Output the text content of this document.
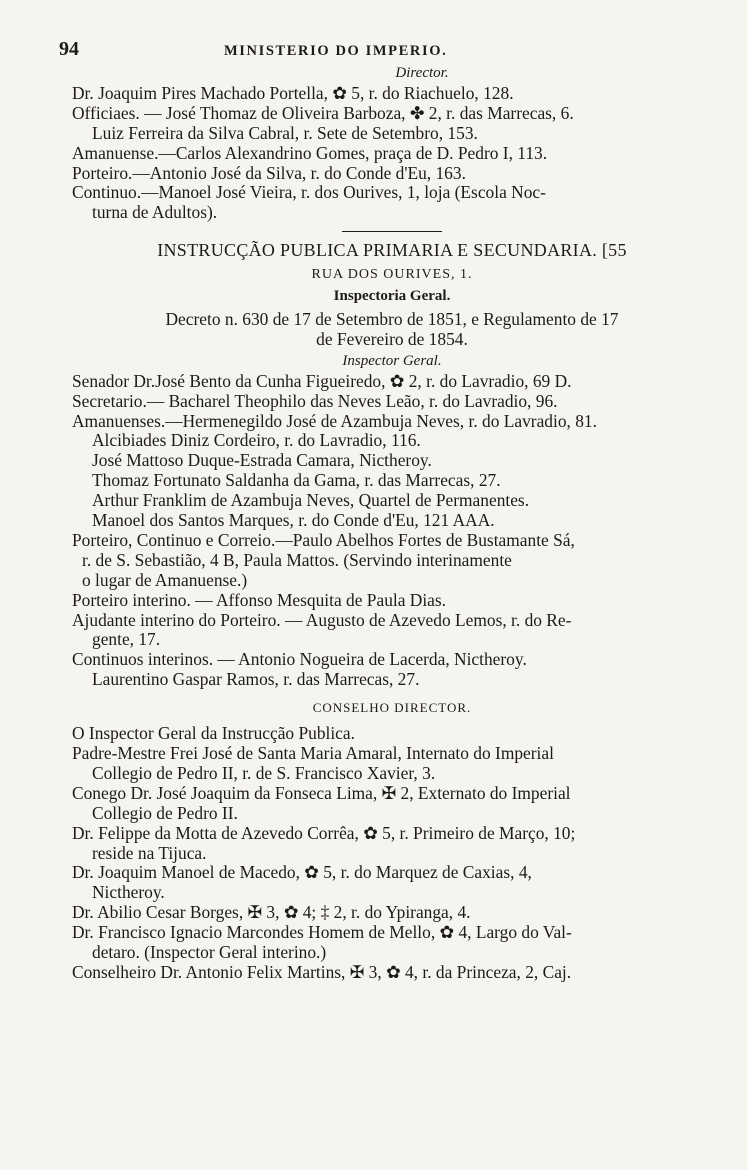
94	MINISTERIO DO IMPERIO.
Director.
Dr. Joaquim Pires Machado Portella, ✿ 5, r. do Riachuelo, 128.
Officiaes. — José Thomaz de Oliveira Barboza, ✤ 2, r. das Marrecas, 6.
Luiz Ferreira da Silva Cabral, r. Sete de Setembro, 153.
Amanuense.—Carlos Alexandrino Gomes, praça de D. Pedro I, 113.
Porteiro.—Antonio José da Silva, r. do Conde d'Eu, 163.
Continuo.—Manoel José Vieira, r. dos Ourives, 1, loja (Escola Noc-
turna de Adultos).
INSTRUCÇÃO PUBLICA PRIMARIA E SECUNDARIA. [55
RUA DOS OURIVES, 1.
Inspectoria Geral.
Decreto n. 630 de 17 de Setembro de 1851, e Regulamento de 17
de Fevereiro de 1854.
Inspector Geral.
Senador Dr.José Bento da Cunha Figueiredo, ✿ 2, r. do Lavradio, 69 D.
Secretario.— Bacharel Theophilo das Neves Leão, r. do Lavradio, 96.
Amanuenses.—Hermenegildo José de Azambuja Neves, r. do Lavradio, 81.
Alcibiades Diniz Cordeiro, r. do Lavradio, 116.
José Mattoso Duque-Estrada Camara, Nictheroy.
Thomaz Fortunato Saldanha da Gama, r. das Marrecas, 27.
Arthur Franklim de Azambuja Neves, Quartel de Permanentes.
Manoel dos Santos Marques, r. do Conde d'Eu, 121 AAA.
Porteiro, Continuo e Correio.—Paulo Abelhos Fortes de Bustamante Sá,
r. de S. Sebastião, 4 B, Paula Mattos. (Servindo interinamente
o lugar de Amanuense.)
Porteiro interino. — Affonso Mesquita de Paula Dias.
Ajudante interino do Porteiro. — Augusto de Azevedo Lemos, r. do Re-
gente, 17.
Continuos interinos. — Antonio Nogueira de Lacerda, Nictheroy.
Laurentino Gaspar Ramos, r. das Marrecas, 27.
CONSELHO DIRECTOR.
O Inspector Geral da Instrucção Publica.
Padre-Mestre Frei José de Santa Maria Amaral, Internato do Imperial
Collegio de Pedro II, r. de S. Francisco Xavier, 3.
Conego Dr. José Joaquim da Fonseca Lima, ✠ 2, Externato do Imperial
Collegio de Pedro II.
Dr. Felippe da Motta de Azevedo Corrêa, ✿ 5, r. Primeiro de Março, 10;
reside na Tijuca.
Dr. Joaquim Manoel de Macedo, ✿ 5, r. do Marquez de Caxias, 4,
Nictheroy.
Dr. Abilio Cesar Borges, ✠ 3, ✿ 4; ‡ 2, r. do Ypiranga, 4.
Dr. Francisco Ignacio Marcondes Homem de Mello, ✿ 4, Largo do Val-
detaro. (Inspector Geral interino.)
Conselheiro Dr. Antonio Felix Martins, ✠ 3, ✿ 4, r. da Princeza, 2, Caj.
